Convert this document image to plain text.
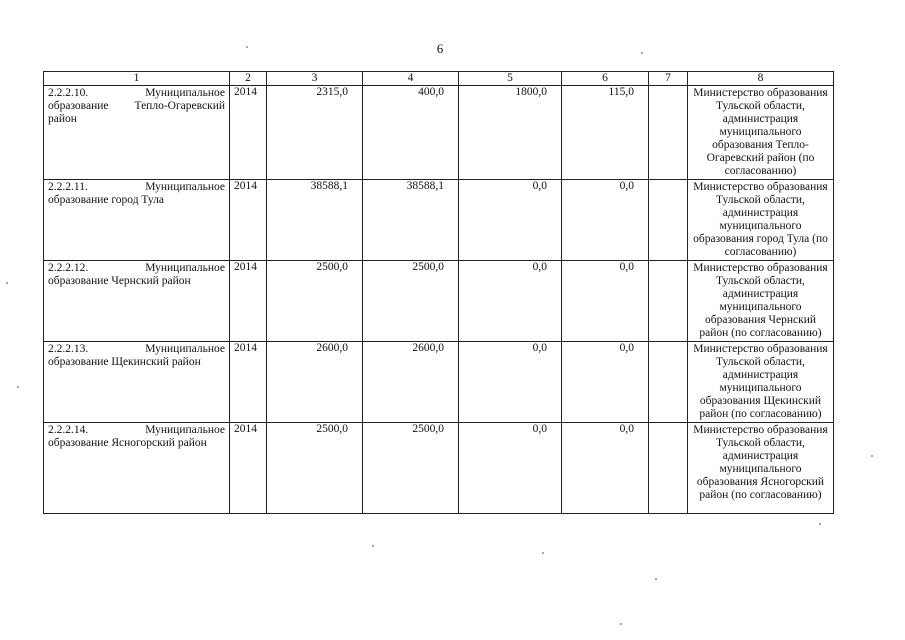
6
1	2	3	4	5	6	7	8
2.2.2.10. Муниципальное образование Тепло-Огаревский район	2014	2315,0	400,0	1800,0	115,0		Министерство образования Тульской области, администрация муниципального образования Тепло-Огаревский район (по согласованию)
2.2.2.11. Муниципальное образование город Тула	2014	38588,1	38588,1	0,0	0,0		Министерство образования Тульской области, администрация муниципального образования город Тула (по согласованию)
2.2.2.12. Муниципальное образование Чернский район	2014	2500,0	2500,0	0,0	0,0		Министерство образования Тульской области, администрация муниципального образования Чернский район (по согласованию)
2.2.2.13. Муниципальное образование Щекинский район	2014	2600,0	2600,0	0,0	0,0		Министерство образования Тульской области, администрация муниципального образования Щекинский район (по согласованию)
2.2.2.14. Муниципальное образование Ясногорский район	2014	2500,0	2500,0	0,0	0,0		Министерство образования Тульской области, администрация муниципального образования Ясногорский район (по согласованию)
